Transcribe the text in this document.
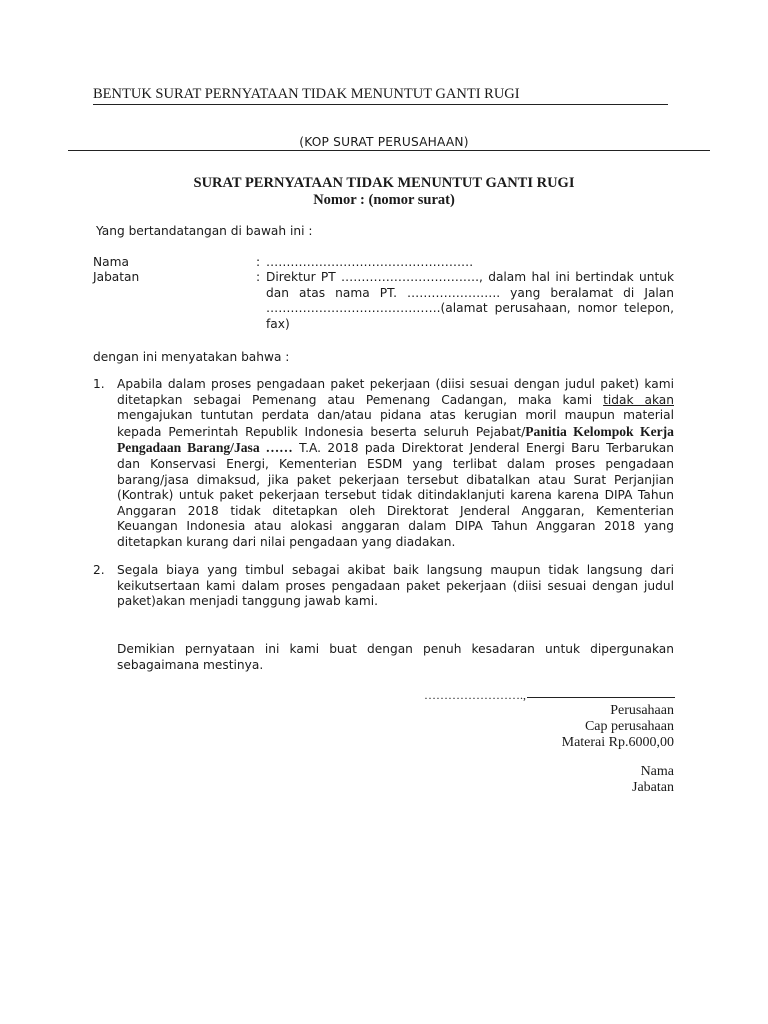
BENTUK SURAT PERNYATAAN TIDAK MENUNTUT GANTI RUGI
(KOP SURAT PERUSAHAAN)
SURAT PERNYATAAN TIDAK MENUNTUT GANTI RUGI
Nomor : (nomor surat)
Yang bertandatangan di bawah ini :
Nama	: ……………………………………………
Jabatan	: Direktur PT ……………………………., dalam hal ini bertindak untuk dan atas nama PT. ………………….. yang beralamat di Jalan …………………………………….(alamat perusahaan, nomor telepon, fax)
dengan ini menyatakan bahwa :
1. Apabila dalam proses pengadaan paket pekerjaan (diisi sesuai dengan judul paket) kami ditetapkan sebagai Pemenang atau Pemenang Cadangan, maka kami tidak akan mengajukan tuntutan perdata dan/atau pidana atas kerugian moril maupun material kepada Pemerintah Republik Indonesia beserta seluruh Pejabat/Panitia Kelompok Kerja Pengadaan Barang/Jasa …… T.A. 2018 pada Direktorat Jenderal Energi Baru Terbarukan dan Konservasi Energi, Kementerian ESDM yang terlibat dalam proses pengadaan barang/jasa dimaksud, jika paket pekerjaan tersebut dibatalkan atau Surat Perjanjian (Kontrak) untuk paket pekerjaan tersebut tidak ditindaklanjuti karena karena DIPA Tahun Anggaran 2018 tidak ditetapkan oleh Direktorat Jenderal Anggaran, Kementerian Keuangan Indonesia atau alokasi anggaran dalam DIPA Tahun Anggaran 2018 yang ditetapkan kurang dari nilai pengadaan yang diadakan.
2. Segala biaya yang timbul sebagai akibat baik langsung maupun tidak langsung dari keikutsertaan kami dalam proses pengadaan paket pekerjaan (diisi sesuai dengan judul paket)akan menjadi tanggung jawab kami.
Demikian pernyataan ini kami buat dengan penuh kesadaran untuk dipergunakan sebagaimana mestinya.
…………………….,
Perusahaan
Cap perusahaan
Materai Rp.6000,00
Nama
Jabatan
